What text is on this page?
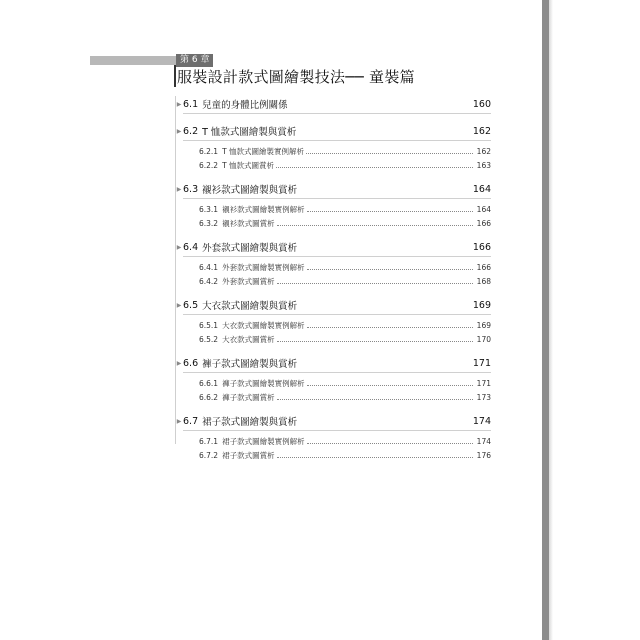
第 6 章
服裝設計款式圖繪製技法── 童裝篇
▶ 6.1 兒童的身體比例關係	160
▶ 6.2 T 恤款式圖繪製與賞析	162
6.2.1 T 恤款式圖繪製實例解析	162
6.2.2 T 恤款式圖賞析	163
▶ 6.3 襯衫款式圖繪製與賞析	164
6.3.1 襯衫款式圖繪製實例解析	164
6.3.2 襯衫款式圖賞析	166
▶ 6.4 外套款式圖繪製與賞析	166
6.4.1 外套款式圖繪製實例解析	166
6.4.2 外套款式圖賞析	168
▶ 6.5 大衣款式圖繪製與賞析	169
6.5.1 大衣款式圖繪製實例解析	169
6.5.2 大衣款式圖賞析	170
▶ 6.6 褲子款式圖繪製與賞析	171
6.6.1 褲子款式圖繪製實例解析	171
6.6.2 褲子款式圖賞析	173
▶ 6.7 裙子款式圖繪製與賞析	174
6.7.1 裙子款式圖繪製實例解析	174
6.7.2 裙子款式圖賞析	176
